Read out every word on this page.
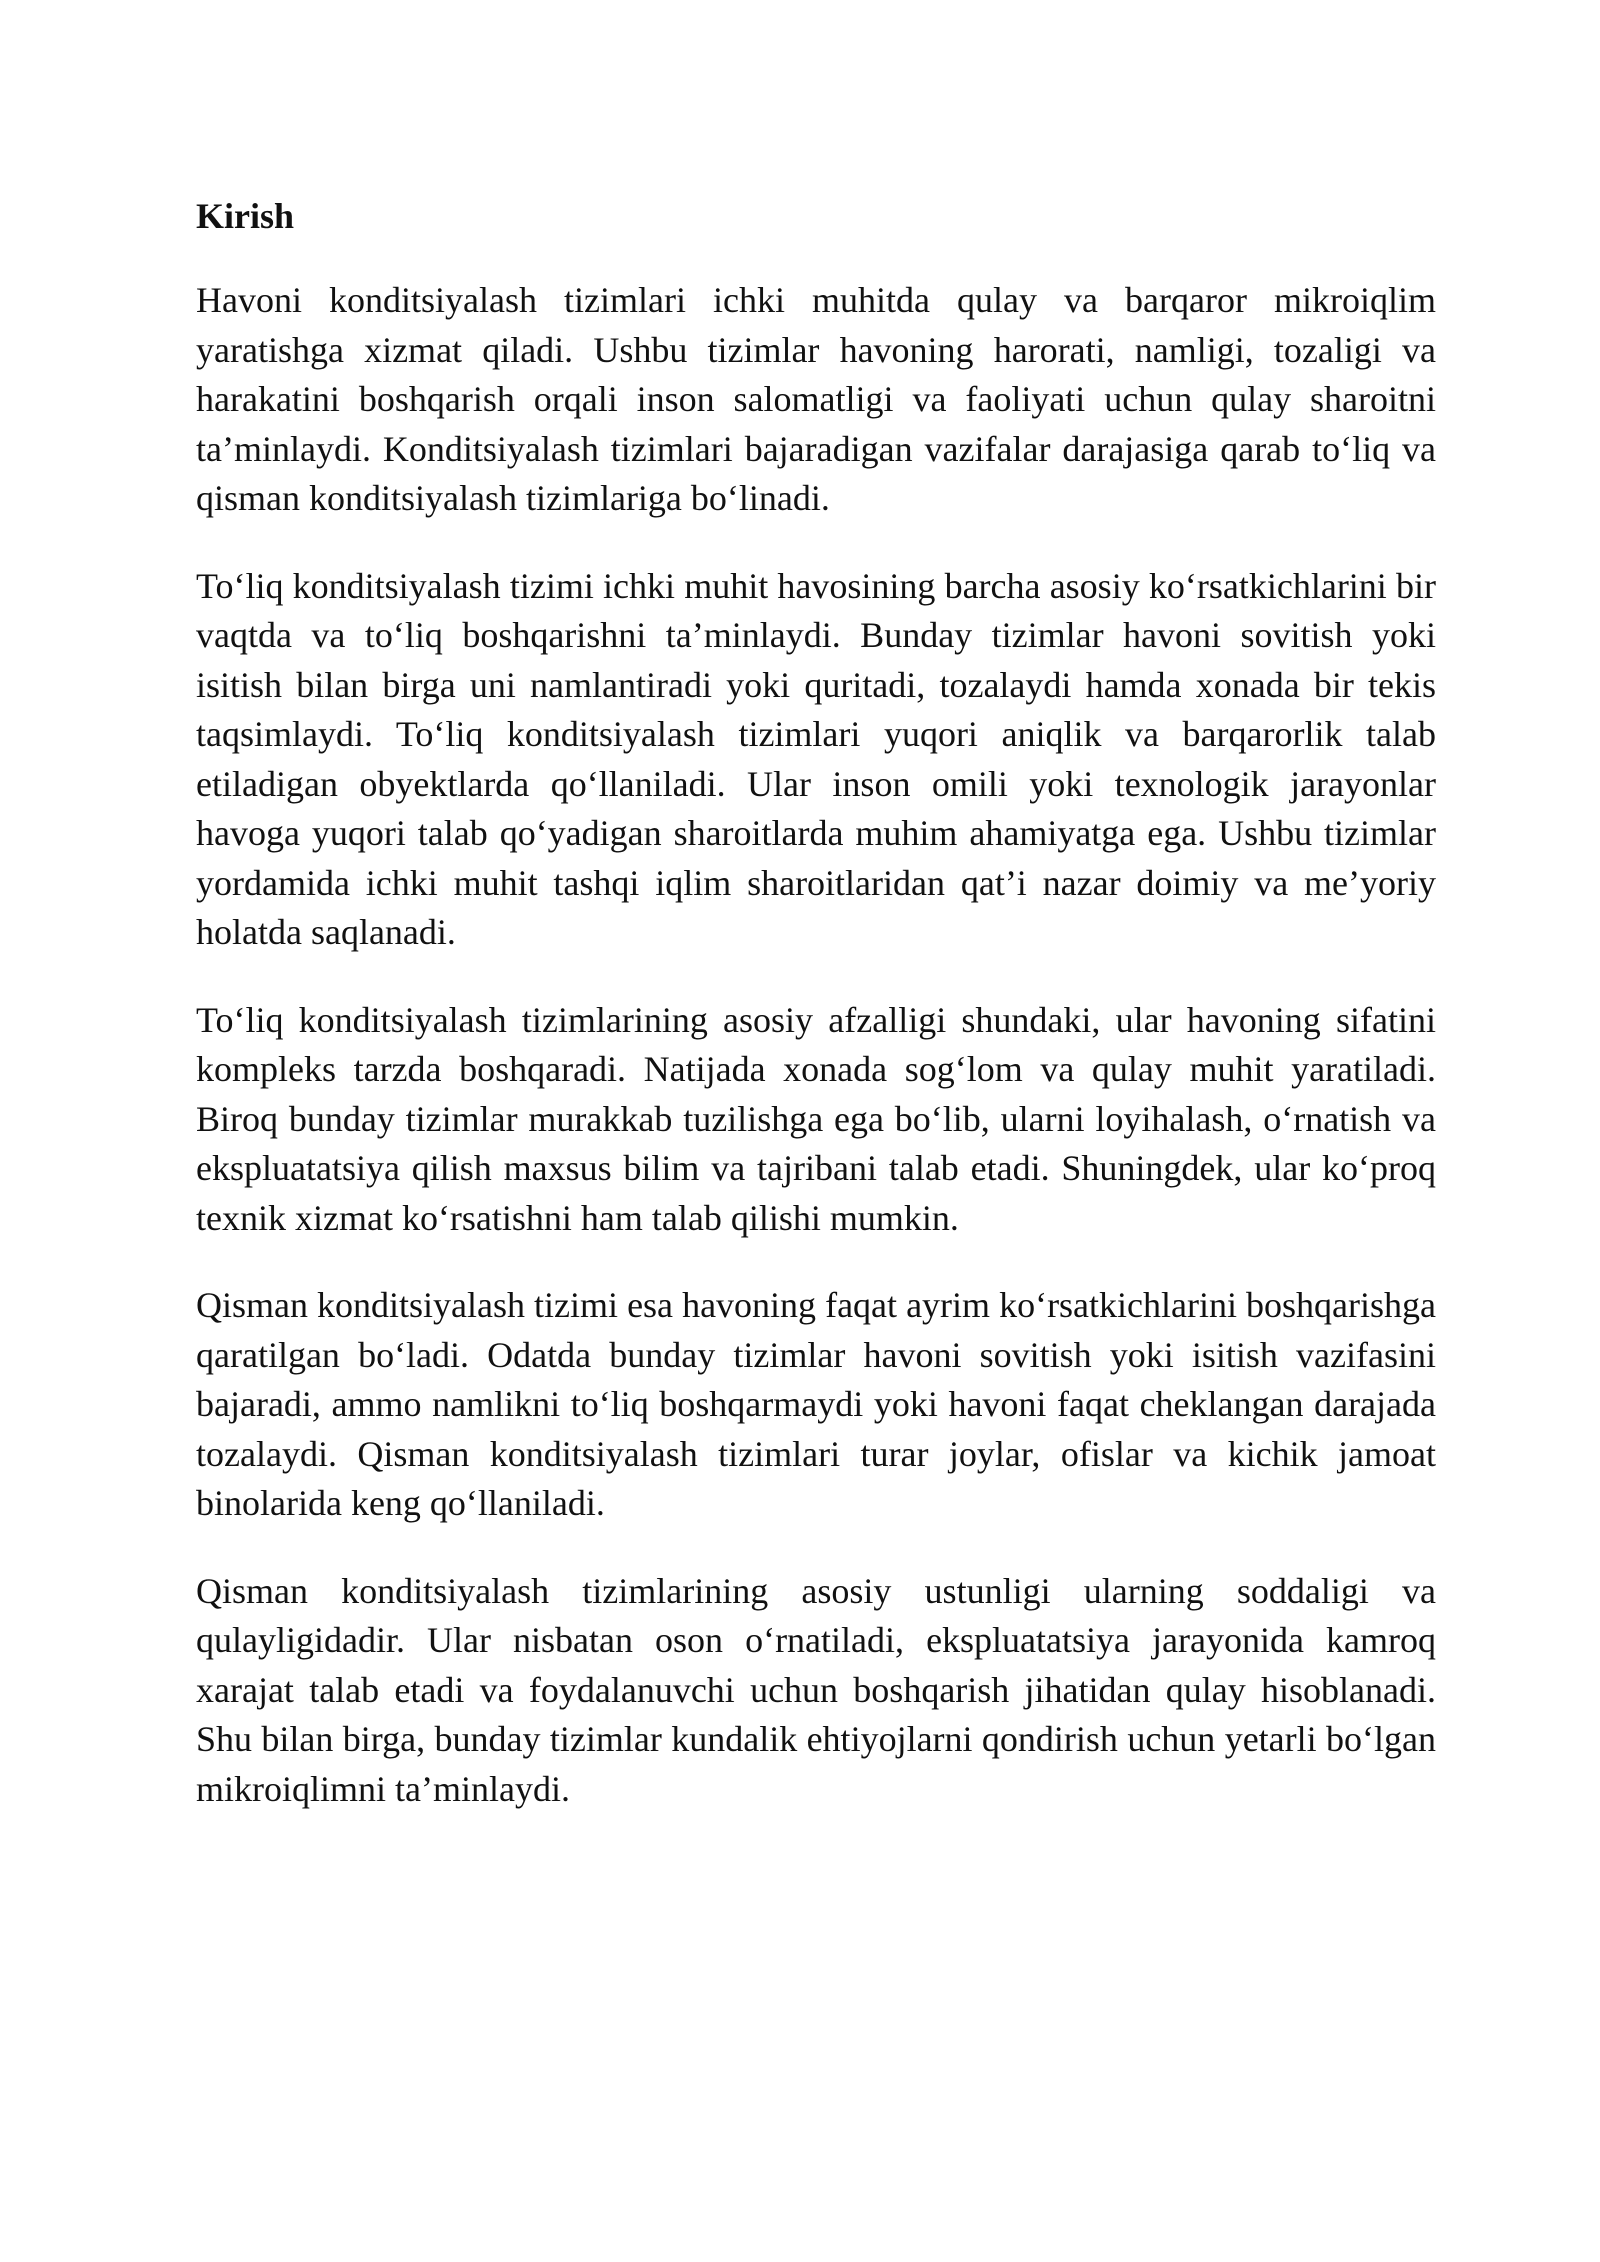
Kirish

Havoni konditsiyalash tizimlari ichki muhitda qulay va barqaror mikroiqlim yaratishga xizmat qiladi. Ushbu tizimlar havoning harorati, namligi, tozaligi va harakatini boshqarish orqali inson salomatligi va faoliyati uchun qulay sharoitni ta’minlaydi. Konditsiyalash tizimlari bajaradigan vazifalar darajasiga qarab to‘liq va qisman konditsiyalash tizimlariga bo‘linadi.

To‘liq konditsiyalash tizimi ichki muhit havosining barcha asosiy ko‘rsatkichlarini bir vaqtda va to‘liq boshqarishni ta’minlaydi. Bunday tizimlar havoni sovitish yoki isitish bilan birga uni namlantiradi yoki quritadi, tozalaydi hamda xonada bir tekis taqsimlaydi. To‘liq konditsiyalash tizimlari yuqori aniqlik va barqarorlik talab etiladigan obyektlarda qo‘llaniladi. Ular inson omili yoki texnologik jarayonlar havoga yuqori talab qo‘yadigan sharoitlarda muhim ahamiyatga ega. Ushbu tizimlar yordamida ichki muhit tashqi iqlim sharoitlaridan qat’i nazar doimiy va me’yoriy holatda saqlanadi.

To‘liq konditsiyalash tizimlarining asosiy afzalligi shundaki, ular havoning sifatini kompleks tarzda boshqaradi. Natijada xonada sog‘lom va qulay muhit yaratiladi. Biroq bunday tizimlar murakkab tuzilishga ega bo‘lib, ularni loyihalash, o‘rnatish va ekspluatatsiya qilish maxsus bilim va tajribani talab etadi. Shuningdek, ular ko‘proq texnik xizmat ko‘rsatishni ham talab qilishi mumkin.

Qisman konditsiyalash tizimi esa havoning faqat ayrim ko‘rsatkichlarini boshqarishga qaratilgan bo‘ladi. Odatda bunday tizimlar havoni sovitish yoki isitish vazifasini bajaradi, ammo namlikni to‘liq boshqarmaydi yoki havoni faqat cheklangan darajada tozalaydi. Qisman konditsiyalash tizimlari turar joylar, ofislar va kichik jamoat binolarida keng qo‘llaniladi.

Qisman konditsiyalash tizimlarining asosiy ustunligi ularning soddaligi va qulayligidadir. Ular nisbatan oson o‘rnatiladi, ekspluatatsiya jarayonida kamroq xarajat talab etadi va foydalanuvchi uchun boshqarish jihatidan qulay hisoblanadi. Shu bilan birga, bunday tizimlar kundalik ehtiyojlarni qondirish uchun yetarli bo‘lgan mikroiqlimni ta’minlaydi.
